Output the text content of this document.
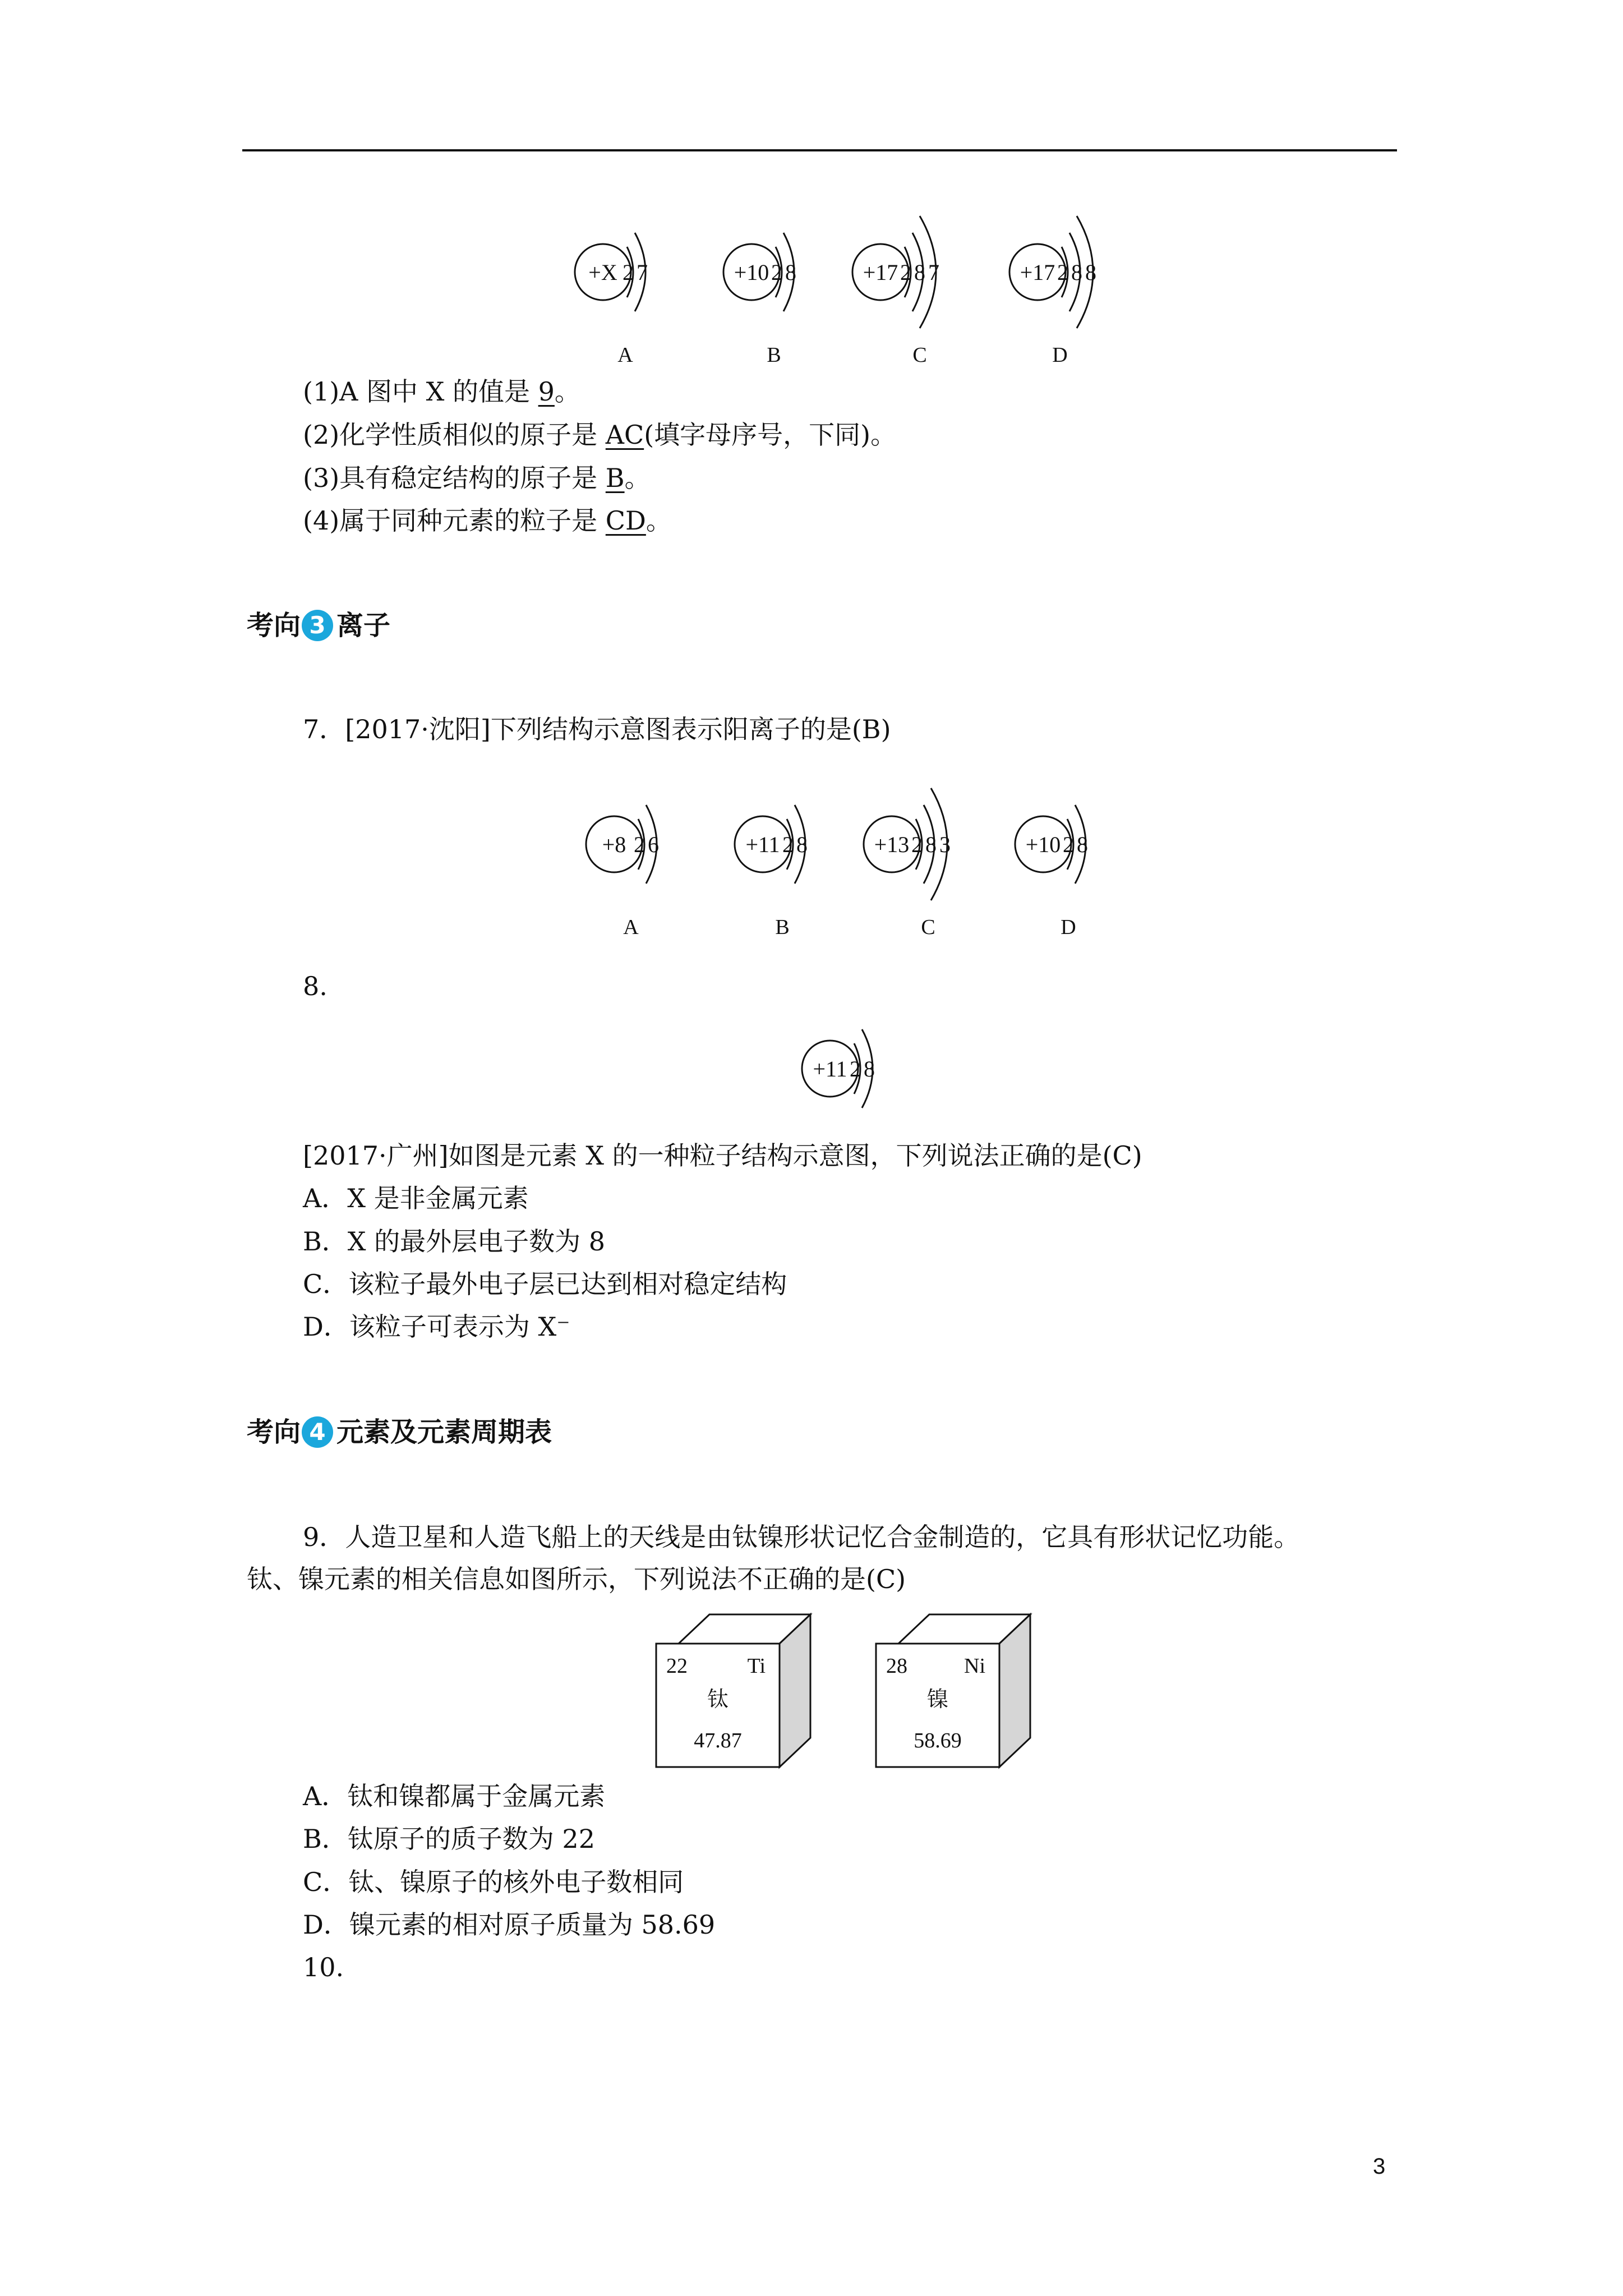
+X 2 7	+10 2 8	+17 2 8 7	+17 2 8 8
A	B	C	D
(1)A 图中 X 的值是 9。
(2)化学性质相似的原子是 AC(填字母序号，下同)。
(3)具有稳定结构的原子是 B。
(4)属于同种元素的粒子是 CD。
考向 3 离子
7．[2017·沈阳]下列结构示意图表示阳离子的是(B)
+8 2 6	+11 2 8	+13 2 8 3	+10 2 8
A	B	C	D
8.
+11 2 8
[2017·广州]如图是元素 X 的一种粒子结构示意图，下列说法正确的是(C)
A．X 是非金属元素
B．X 的最外层电子数为 8
C．该粒子最外电子层已达到相对稳定结构
D．该粒子可表示为 X⁻
考向 4 元素及元素周期表
9．人造卫星和人造飞船上的天线是由钛镍形状记忆合金制造的，它具有形状记忆功能。
钛、镍元素的相关信息如图所示，下列说法不正确的是(C)
22	Ti
钛
47.87
28	Ni
镍
58.69
A．钛和镍都属于金属元素
B．钛原子的质子数为 22
C．钛、镍原子的核外电子数相同
D．镍元素的相对原子质量为 58.69
10.
3
